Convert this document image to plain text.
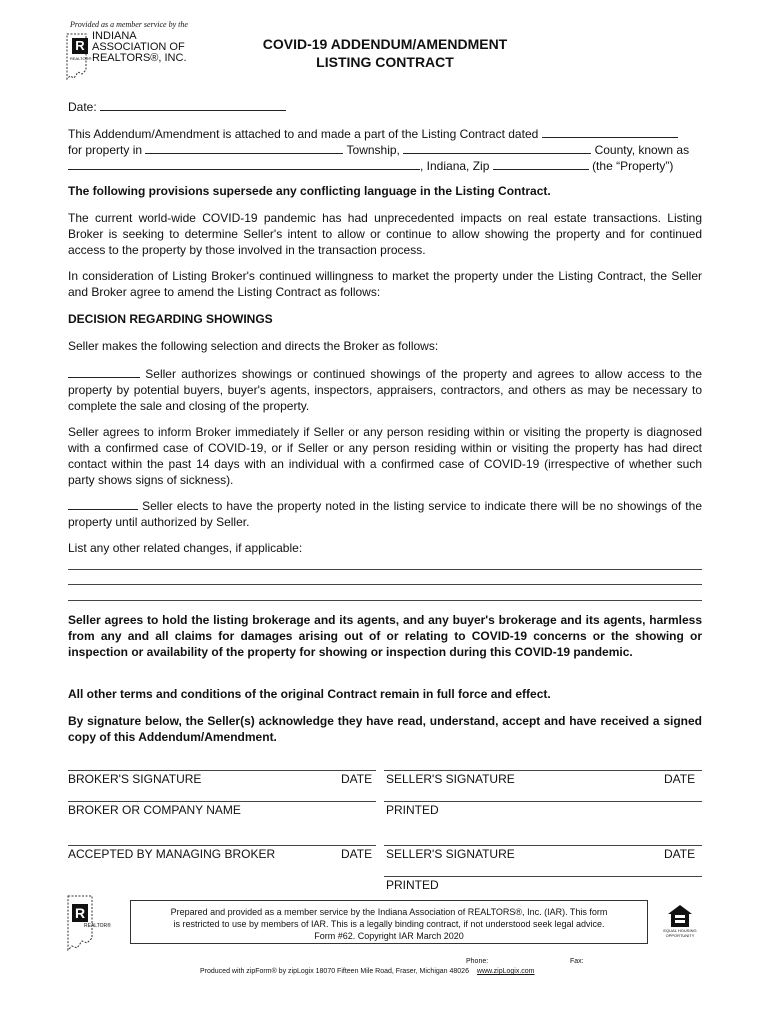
Provided as a member service by the
R
REALTOR®
INDIANA
ASSOCIATION OF
REALTORS®, INC.
COVID-19 ADDENDUM/AMENDMENT
LISTING CONTRACT
Date:
This Addendum/Amendment is attached to and made a part of the Listing Contract dated
for property in	Township,	County, known as
, Indiana, Zip	(the “Property”)

The following provisions supersede any conflicting language in the Listing Contract.

The current world-wide COVID-19 pandemic has had unprecedented impacts on real estate transactions. Listing Broker is seeking to determine Seller's intent to allow or continue to allow showing the property and for continued access to the property by those involved in the transaction process.

In consideration of Listing Broker's continued willingness to market the property under the Listing Contract, the Seller and Broker agree to amend the Listing Contract as follows:

DECISION REGARDING SHOWINGS

Seller makes the following selection and directs the Broker as follows:

Seller authorizes showings or continued showings of the property and agrees to allow access to the property by potential buyers, buyer's agents, inspectors, appraisers, contractors, and others as may be necessary to complete the sale and closing of the property.

Seller agrees to inform Broker immediately if Seller or any person residing within or visiting the property is diagnosed with a confirmed case of COVID-19, or if Seller or any person residing within or visiting the property has had direct contact within the past 14 days with an individual with a confirmed case of COVID-19 (irrespective of whether such party shows signs of sickness).

Seller elects to have the property noted in the listing service to indicate there will be no showings of the property until authorized by Seller.

List any other related changes, if applicable:

Seller agrees to hold the listing brokerage and its agents, and any buyer's brokerage and its agents, harmless from any and all claims for damages arising out of or relating to COVID-19 concerns or the showing or inspection or availability of the property for showing or inspection during this COVID-19 pandemic.

All other terms and conditions of the original Contract remain in full force and effect.

By signature below, the Seller(s) acknowledge they have read, understand, accept and have received a signed copy of this Addendum/Amendment.

BROKER'S SIGNATURE	DATE SELLER'S SIGNATURE	DATE
BROKER OR COMPANY NAME	PRINTED
ACCEPTED BY MANAGING BROKER	DATE SELLER'S SIGNATURE	DATE
PRINTED
R
REALTOR®
Prepared and provided as a member service by the Indiana Association of REALTORS®, Inc. (IAR). This form
is restricted to use by members of IAR. This is a legally binding contract, if not understood seek legal advice.
Form #62. Copyright IAR March 2020
EQUAL HOUSING
OPPORTUNITY
Phone:	Fax:
Produced with zipForm® by zipLogix 18070 Fifteen Mile Road, Fraser, Michigan 48026 www.zipLogix.com
